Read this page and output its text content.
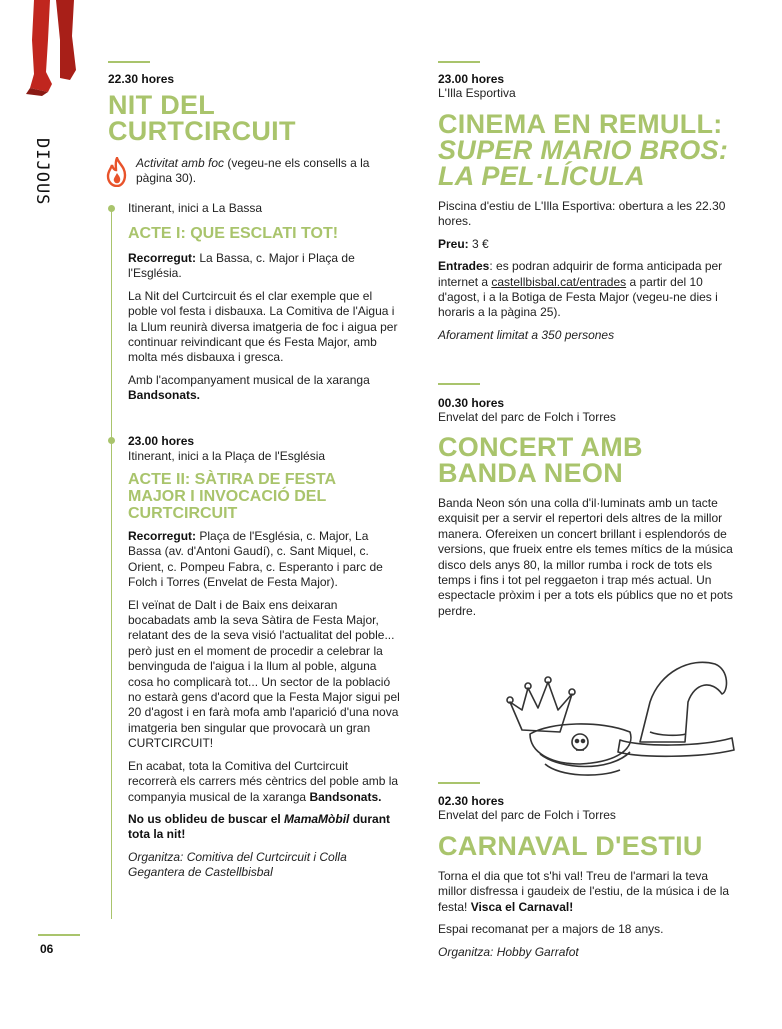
DIJOUS
22.30 hores
NIT DEL
CURTCIRCUIT
Activitat amb foc (vegeu-ne els consells a la pàgina 30).
Itinerant, inici a La Bassa
ACTE I: QUE ESCLATI TOT!

Recorregut: La Bassa, c. Major i Plaça de l'Església.

La Nit del Curtcircuit és el clar exemple que el poble vol festa i disbauxa. La Comitiva de l'Aigua i la Llum reunirà diversa imatgeria de foc i aigua per continuar reivindicant que és Festa Major, amb molta més disbauxa i gresca.

Amb l'acompanyament musical de la xaranga Bandsonats.

23.00 hores
Itinerant, inici a la Plaça de l'Església
ACTE II: SÀTIRA DE FESTA
MAJOR I INVOCACIÓ DEL
CURTCIRCUIT

Recorregut: Plaça de l'Església, c. Major, La Bassa (av. d'Antoni Gaudí), c. Sant Miquel, c. Orient, c. Pompeu Fabra, c. Esperanto i parc de Folch i Torres (Envelat de Festa Major).

El veïnat de Dalt i de Baix ens deixaran bocabadats amb la seva Sàtira de Festa Major, relatant des de la seva visió l'actualitat del poble... però just en el moment de procedir a celebrar la benvinguda de l'aigua i la llum al poble, alguna cosa ho complicarà tot... Un sector de la població no estarà gens d'acord que la Festa Major sigui pel 20 d'agost i en farà mofa amb l'aparició d'una nova imatgeria ben singular que provocarà un gran CURTCIRCUIT!

En acabat, tota la Comitiva del Curtcircuit recorrerà els carrers més cèntrics del poble amb la companyia musical de la xaranga Bandsonats.

No us oblideu de buscar el MamaMòbil durant tota la nit!

Organitza: Comitiva del Curtcircuit i Colla Gegantera de Castellbisbal

06
23.00 hores
L'Illa Esportiva
CINEMA EN REMULL:
SUPER MARIO BROS:
LA PEL·LÍCULA

Piscina d'estiu de L'Illa Esportiva: obertura a les 22.30 hores.

Preu: 3 €

Entrades: es podran adquirir de forma anticipada per internet a castellbisbal.cat/entrades a partir del 10 d'agost, i a la Botiga de Festa Major (vegeu-ne dies i horaris a la pàgina 25).

Aforament limitat a 350 persones

00.30 hores
Envelat del parc de Folch i Torres
CONCERT AMB
BANDA NEON

Banda Neon són una colla d'il·luminats amb un tacte exquisit per a servir el repertori dels altres de la millor manera. Ofereixen un concert brillant i esplendorós de versions, que frueix entre els temes mítics de la música disco dels anys 80, la millor rumba i rock de tots els temps i fins i tot pel reggaeton i trap més actual. Un espectacle pròxim i per a tots els públics que no et pots perdre.

02.30 hores
Envelat del parc de Folch i Torres
CARNAVAL D'ESTIU

Torna el dia que tot s'hi val! Treu de l'armari la teva millor disfressa i gaudeix de l'estiu, de la música i de la festa! Visca el Carnaval!

Espai recomanat per a majors de 18 anys.

Organitza: Hobby Garrafot
